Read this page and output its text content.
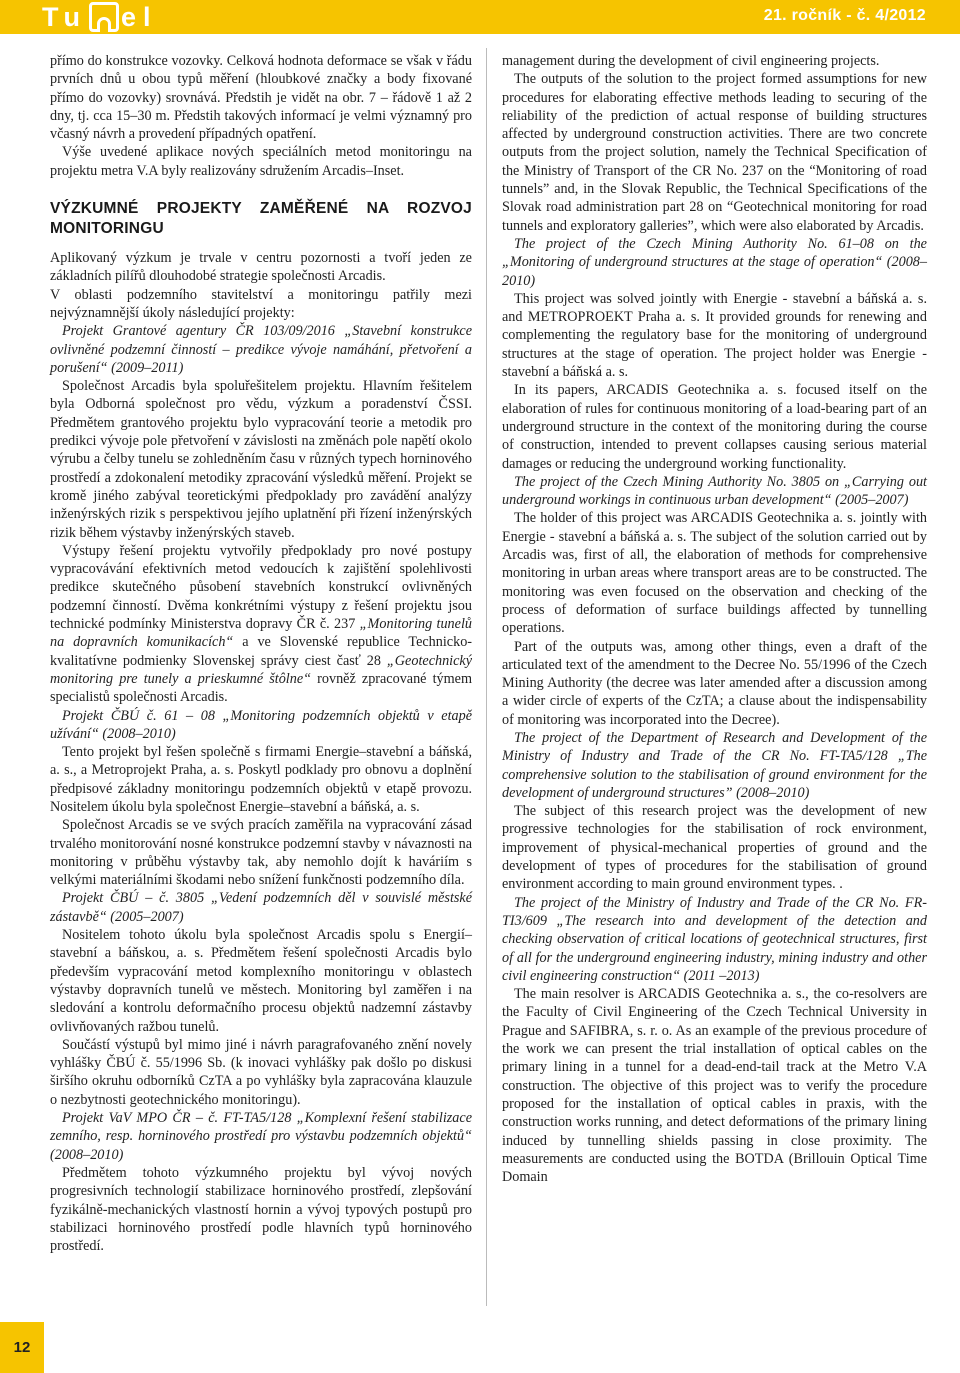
Tu el	21. ročník - č. 4/2012

přímo do konstrukce vozovky. Celková hodnota deformace se však v řádu prvních dnů u obou typů měření (hloubkové značky a body fixované přímo do vozovky) srovnává. Předstih je vidět na obr. 7 – řádově 1 až 2 dny, tj. cca 15–30 m. Předstih takových informací je velmi významný pro včasný návrh a provedení případných opatření.

Výše uvedené aplikace nových speciálních metod monitoringu na projektu metra V.A byly realizovány sdružením Arcadis–Inset.

VÝZKUMNÉ PROJEKTY ZAMĚŘENÉ NA ROZVOJ MONITORINGU

Aplikovaný výzkum je trvale v centru pozornosti a tvoří jeden ze základních pilířů dlouhodobé strategie společnosti Arcadis.

V oblasti podzemního stavitelství a monitoringu patřily mezi nejvýznamnější úkoly následující projekty:

Projekt Grantové agentury ČR 103/09/2016 „Stavební konstrukce ovlivněné podzemní činností – predikce vývoje namáhání, přetvoření a porušení“ (2009–2011)

Společnost Arcadis byla spoluřešitelem projektu. Hlavním řešitelem byla Odborná společnost pro vědu, výzkum a poradenství ČSSI. Předmětem grantového projektu bylo vypracování teorie a metodik pro predikci vývoje pole přetvoření v závislosti na změnách pole napětí okolo výrubu a čelby tunelu se zohledněním času v různých typech horninového prostředí a zdokonalení metodiky zpracování výsledků měření. Projekt se kromě jiného zabýval teoretickými předpoklady pro zavádění analýzy inženýrských rizik s perspektivou jejího uplatnění při řízení inženýrských rizik během výstavby inženýrských staveb.

Výstupy řešení projektu vytvořily předpoklady pro nové postupy vypracovávání efektivních metod vedoucích k zajištění spolehlivosti predikce skutečného působení stavebních konstrukcí ovlivněných podzemní činností. Dvěma konkrétními výstupy z řešení projektu jsou technické podmínky Ministerstva dopravy ČR č. 237 „Monitoring tunelů na dopravních komunikacích“ a ve Slovenské republice Technicko-kvalitatívne podmienky Slovenskej správy ciest časť 28 „Geotechnický monitoring pre tunely a prieskumné štôlne“ rovněž zpracované týmem specialistů společnosti Arcadis.

Projekt ČBÚ č. 61 – 08 „Monitoring podzemních objektů v etapě užívání“ (2008–2010)

Tento projekt byl řešen společně s firmami Energie–stavební a báňská, a. s., a Metroprojekt Praha, a. s. Poskytl podklady pro obnovu a doplnění předpisové základny monitoringu podzemních objektů v etapě provozu. Nositelem úkolu byla společnost Energie–stavební a báňská, a. s.

Společnost Arcadis se ve svých pracích zaměřila na vypracování zásad trvalého monitorování nosné konstrukce podzemní stavby v návaznosti na monitoring v průběhu výstavby tak, aby nemohlo dojít k haváriím s velkými materiálními škodami nebo snížení funkčnosti podzemního díla.

Projekt ČBÚ – č. 3805 „Vedení podzemních děl v souvislé městské zástavbě“ (2005–2007)

Nositelem tohoto úkolu byla společnost Arcadis spolu s Energií–stavební a báňskou, a. s. Předmětem řešení společnosti Arcadis bylo především vypracování metod komplexního monitoringu v oblastech výstavby dopravních tunelů ve městech. Monitoring byl zaměřen i na sledování a kontrolu deformačního procesu objektů nadzemní zástavby ovlivňovaných ražbou tunelů.

Součástí výstupů byl mimo jiné i návrh paragrafovaného znění novely vyhlášky ČBÚ č. 55/1996 Sb. (k inovaci vyhlášky pak došlo po diskusi širšího okruhu odborníků CzTA a po vyhlášky byla zapracována klauzule o nezbytnosti geotechnického monitoringu).

Projekt VaV MPO ČR – č. FT-TA5/128 „Komplexní řešení stabilizace zemního, resp. horninového prostředí pro výstavbu podzemních objektů“ (2008–2010)

Předmětem tohoto výzkumného projektu byl vývoj nových progresivních technologií stabilizace horninového prostředí, zlepšování fyzikálně-mechanických vlastností hornin a vývoj typových postupů pro stabilizaci horninového prostředí podle hlavních typů horninového prostředí.

management during the development of civil engineering projects.

The outputs of the solution to the project formed assumptions for new procedures for elaborating effective methods leading to securing of the reliability of the prediction of actual response of building structures affected by underground construction activities. There are two concrete outputs from the project solution, namely the Technical Specification of the Ministry of Transport of the CR No. 237 on the “Monitoring of road tunnels” and, in the Slovak Republic, the Technical Specifications of the Slovak road administration part 28 on “Geotechnical monitoring for road tunnels and exploratory galleries”, which were also elaborated by Arcadis.

The project of the Czech Mining Authority No. 61–08 on the „Monitoring of underground structures at the stage of operation“ (2008–2010)

This project was solved jointly with Energie - stavební a báňská a. s. and METROPROEKT Praha a. s. It provided grounds for renewing and complementing the regulatory base for the monitoring of underground structures at the stage of operation. The project holder was Energie - stavební a báňská a. s.

In its papers, ARCADIS Geotechnika a. s. focused itself on the elaboration of rules for continuous monitoring of a load-bearing part of an underground structure in the context of the monitoring during the course of construction, intended to prevent collapses causing serious material damages or reducing the underground working functionality.

The project of the Czech Mining Authority No. 3805 on „Carrying out underground workings in continuous urban development“ (2005–2007)

The holder of this project was ARCADIS Geotechnika a. s. jointly with Energie - stavební a báňská a. s. The subject of the solution carried out by Arcadis was, first of all, the elaboration of methods for comprehensive monitoring in urban areas where transport areas are to be constructed. The monitoring was even focused on the observation and checking of the process of deformation of surface buildings affected by tunnelling operations.

Part of the outputs was, among other things, even a draft of the articulated text of the amendment to the Decree No. 55/1996 of the Czech Mining Authority (the decree was later amended after a discussion among a wider circle of experts of the CzTA; a clause about the indispensability of monitoring was incorporated into the Decree).

The project of the Department of Research and Development of the Ministry of Industry and Trade of the CR No. FT-TA5/128 „The comprehensive solution to the stabilisation of ground environment for the development of underground structures” (2008–2010)

The subject of this research project was the development of new progressive technologies for the stabilisation of rock environment, improvement of physical-mechanical properties of ground and the development of types of procedures for the stabilisation of ground environment according to main ground environment types. .

The project of the Ministry of Industry and Trade of the CR No. FR-TI3/609 „The research into and development of the detection and checking observation of critical locations of geotechnical structures, first of all for the underground engineering industry, mining industry and other civil engineering construction“ (2011 –2013)

The main resolver is ARCADIS Geotechnika a. s., the co-resolvers are the Faculty of Civil Engineering of the Czech Technical University in Prague and SAFIBRA, s. r. o. As an example of the previous procedure of the work we can present the trial installation of optical cables on the primary lining in a tunnel for a dead-end-tail track at the Metro V.A construction. The objective of this project was to verify the procedure proposed for the installation of optical cables in praxis, with the construction works running, and detect deformations of the primary lining induced by tunnelling shields passing in close proximity. The measurements are conducted using the BOTDA (Brillouin Optical Time Domain

12
